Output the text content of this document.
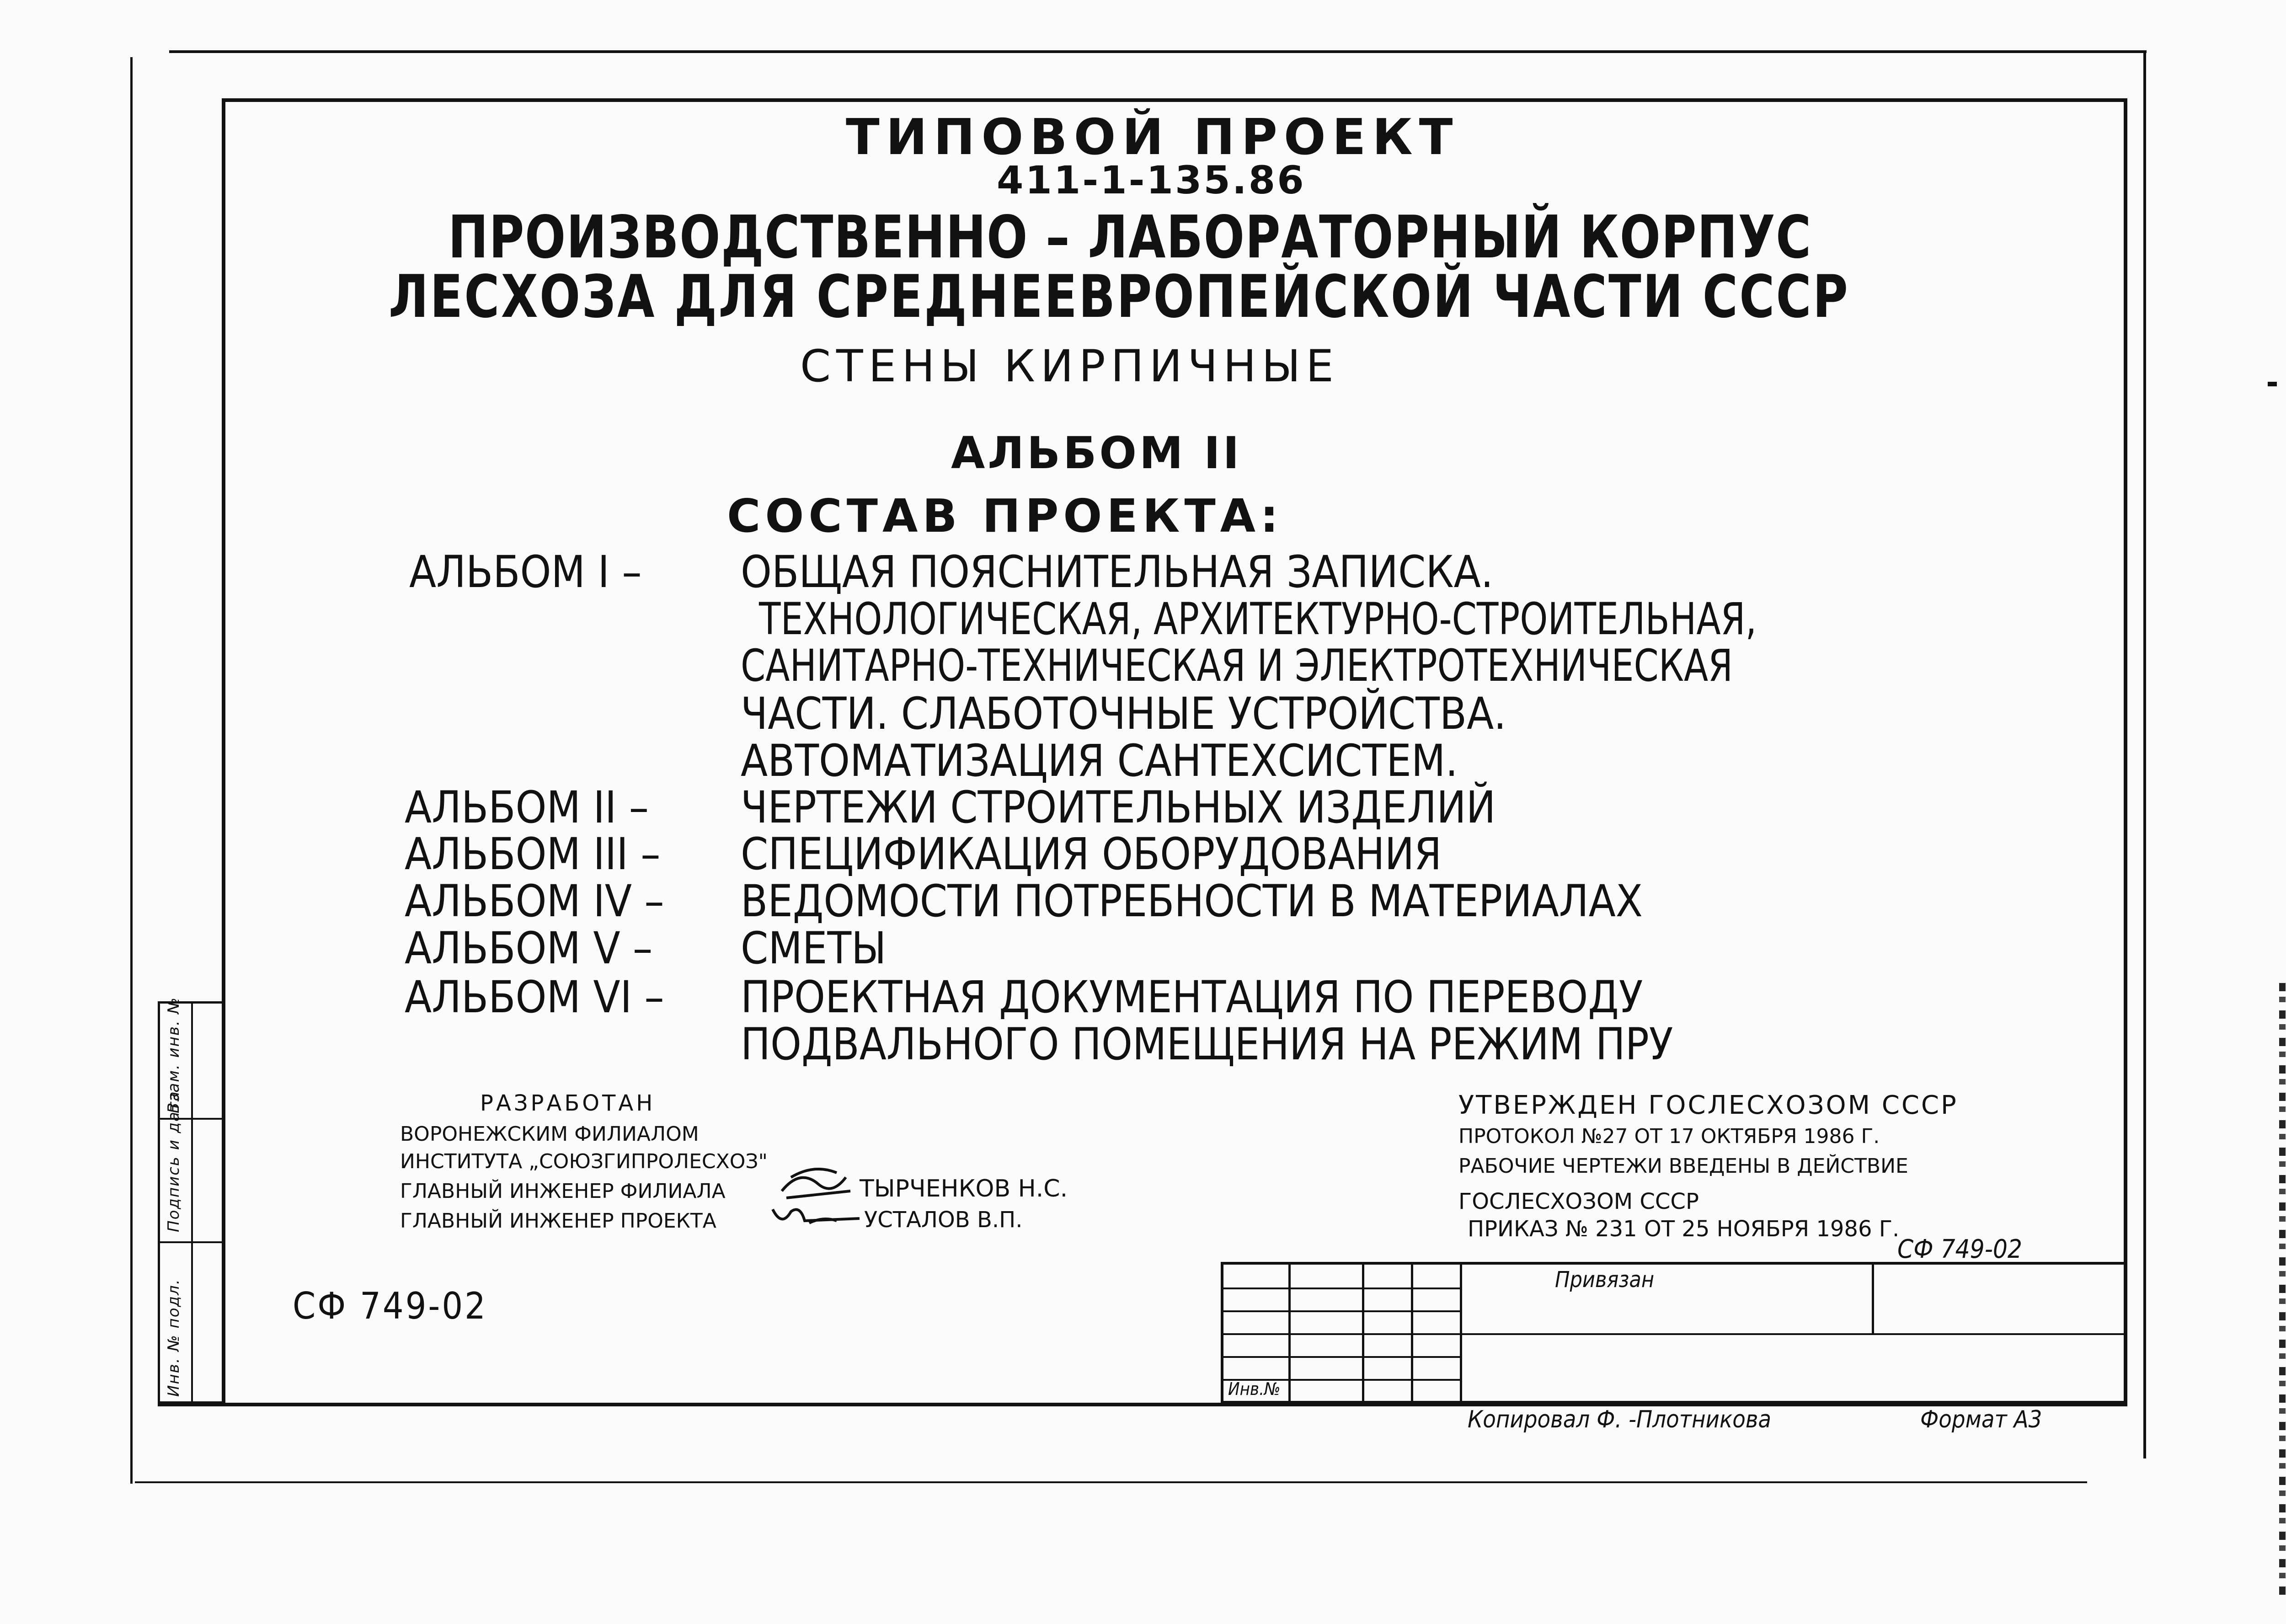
Инв. № подл.
Подпись и дата
Взам. инв. №
ТИПОВОЙ ПРОЕКТ
411-1-135.86
ПРОИЗВОДСТВЕННО – ЛАБОРАТОРНЫЙ КОРПУС
ЛЕСХОЗА ДЛЯ СРЕДНЕЕВРОПЕЙСКОЙ ЧАСТИ СССР
СТЕНЫ КИРПИЧНЫЕ
АЛЬБОМ II
СОСТАВ ПРОЕКТА:
АЛЬБОМ I – ОБЩАЯ ПОЯСНИТЕЛЬНАЯ ЗАПИСКА.
ТЕХНОЛОГИЧЕСКАЯ, АРХИТЕКТУРНО-СТРОИТЕЛЬНАЯ,
САНИТАРНО-ТЕХНИЧЕСКАЯ И ЭЛЕКТРОТЕХНИЧЕСКАЯ
ЧАСТИ. СЛАБОТОЧНЫЕ УСТРОЙСТВА.
АВТОМАТИЗАЦИЯ САНТЕХСИСТЕМ.
АЛЬБОМ II – ЧЕРТЕЖИ СТРОИТЕЛЬНЫХ ИЗДЕЛИЙ
АЛЬБОМ III – СПЕЦИФИКАЦИЯ ОБОРУДОВАНИЯ
АЛЬБОМ IV – ВЕДОМОСТИ ПОТРЕБНОСТИ В МАТЕРИАЛАХ
АЛЬБОМ V – СМЕТЫ
АЛЬБОМ VI – ПРОЕКТНАЯ ДОКУМЕНТАЦИЯ ПО ПЕРЕВОДУ
ПОДВАЛЬНОГО ПОМЕЩЕНИЯ НА РЕЖИМ ПРУ
РАЗРАБОТАН
ВОРОНЕЖСКИМ ФИЛИАЛОМ
ИНСТИТУТА „СОЮЗГИПРОЛЕСХОЗ"
ГЛАВНЫЙ ИНЖЕНЕР ФИЛИАЛА	ТЫРЧЕНКОВ Н.С.
ГЛАВНЫЙ ИНЖЕНЕР ПРОЕКТА	УСТАЛОВ В.П.
УТВЕРЖДЕН ГОСЛЕСХОЗОМ СССР
ПРОТОКОЛ №27 ОТ 17 ОКТЯБРЯ 1986 Г.
РАБОЧИЕ ЧЕРТЕЖИ ВВЕДЕНЫ В ДЕЙСТВИЕ
ГОСЛЕСХОЗОМ СССР
ПРИКАЗ № 231 ОТ 25 НОЯБРЯ 1986 Г.
СФ 749-02
Привязан
Инв.№
СФ 749-02
Копировал Ф. -Плотникова	Формат А3
